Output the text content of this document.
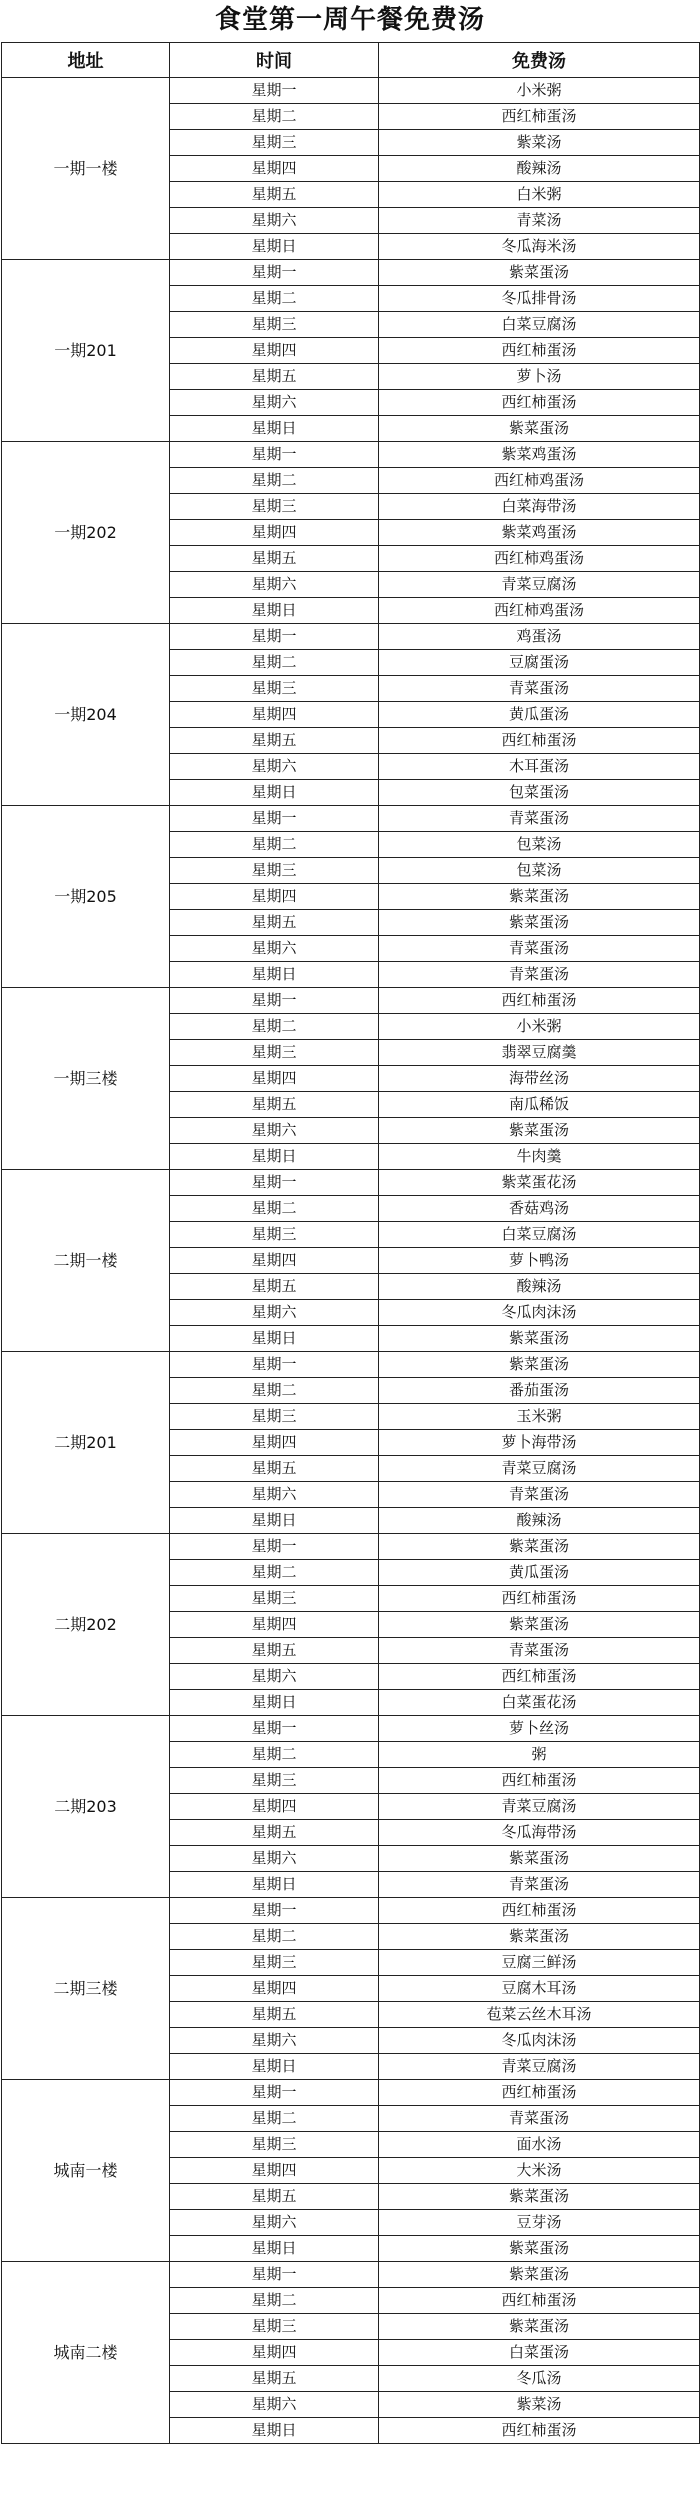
食堂第一周午餐免费汤
地址	时间	免费汤
一期一楼	星期一	小米粥
	星期二	西红柿蛋汤
	星期三	紫菜汤
	星期四	酸辣汤
	星期五	白米粥
	星期六	青菜汤
	星期日	冬瓜海米汤
一期201	星期一	紫菜蛋汤
	星期二	冬瓜排骨汤
	星期三	白菜豆腐汤
	星期四	西红柿蛋汤
	星期五	萝卜汤
	星期六	西红柿蛋汤
	星期日	紫菜蛋汤
一期202	星期一	紫菜鸡蛋汤
	星期二	西红柿鸡蛋汤
	星期三	白菜海带汤
	星期四	紫菜鸡蛋汤
	星期五	西红柿鸡蛋汤
	星期六	青菜豆腐汤
	星期日	西红柿鸡蛋汤
一期204	星期一	鸡蛋汤
	星期二	豆腐蛋汤
	星期三	青菜蛋汤
	星期四	黄瓜蛋汤
	星期五	西红柿蛋汤
	星期六	木耳蛋汤
	星期日	包菜蛋汤
一期205	星期一	青菜蛋汤
	星期二	包菜汤
	星期三	包菜汤
	星期四	紫菜蛋汤
	星期五	紫菜蛋汤
	星期六	青菜蛋汤
	星期日	青菜蛋汤
一期三楼	星期一	西红柿蛋汤
	星期二	小米粥
	星期三	翡翠豆腐羹
	星期四	海带丝汤
	星期五	南瓜稀饭
	星期六	紫菜蛋汤
	星期日	牛肉羹
二期一楼	星期一	紫菜蛋花汤
	星期二	香菇鸡汤
	星期三	白菜豆腐汤
	星期四	萝卜鸭汤
	星期五	酸辣汤
	星期六	冬瓜肉沫汤
	星期日	紫菜蛋汤
二期201	星期一	紫菜蛋汤
	星期二	番茄蛋汤
	星期三	玉米粥
	星期四	萝卜海带汤
	星期五	青菜豆腐汤
	星期六	青菜蛋汤
	星期日	酸辣汤
二期202	星期一	紫菜蛋汤
	星期二	黄瓜蛋汤
	星期三	西红柿蛋汤
	星期四	紫菜蛋汤
	星期五	青菜蛋汤
	星期六	西红柿蛋汤
	星期日	白菜蛋花汤
二期203	星期一	萝卜丝汤
	星期二	粥
	星期三	西红柿蛋汤
	星期四	青菜豆腐汤
	星期五	冬瓜海带汤
	星期六	紫菜蛋汤
	星期日	青菜蛋汤
二期三楼	星期一	西红柿蛋汤
	星期二	紫菜蛋汤
	星期三	豆腐三鲜汤
	星期四	豆腐木耳汤
	星期五	苞菜云丝木耳汤
	星期六	冬瓜肉沫汤
	星期日	青菜豆腐汤
城南一楼	星期一	西红柿蛋汤
	星期二	青菜蛋汤
	星期三	面水汤
	星期四	大米汤
	星期五	紫菜蛋汤
	星期六	豆芽汤
	星期日	紫菜蛋汤
城南二楼	星期一	紫菜蛋汤
	星期二	西红柿蛋汤
	星期三	紫菜蛋汤
	星期四	白菜蛋汤
	星期五	冬瓜汤
	星期六	紫菜汤
	星期日	西红柿蛋汤
